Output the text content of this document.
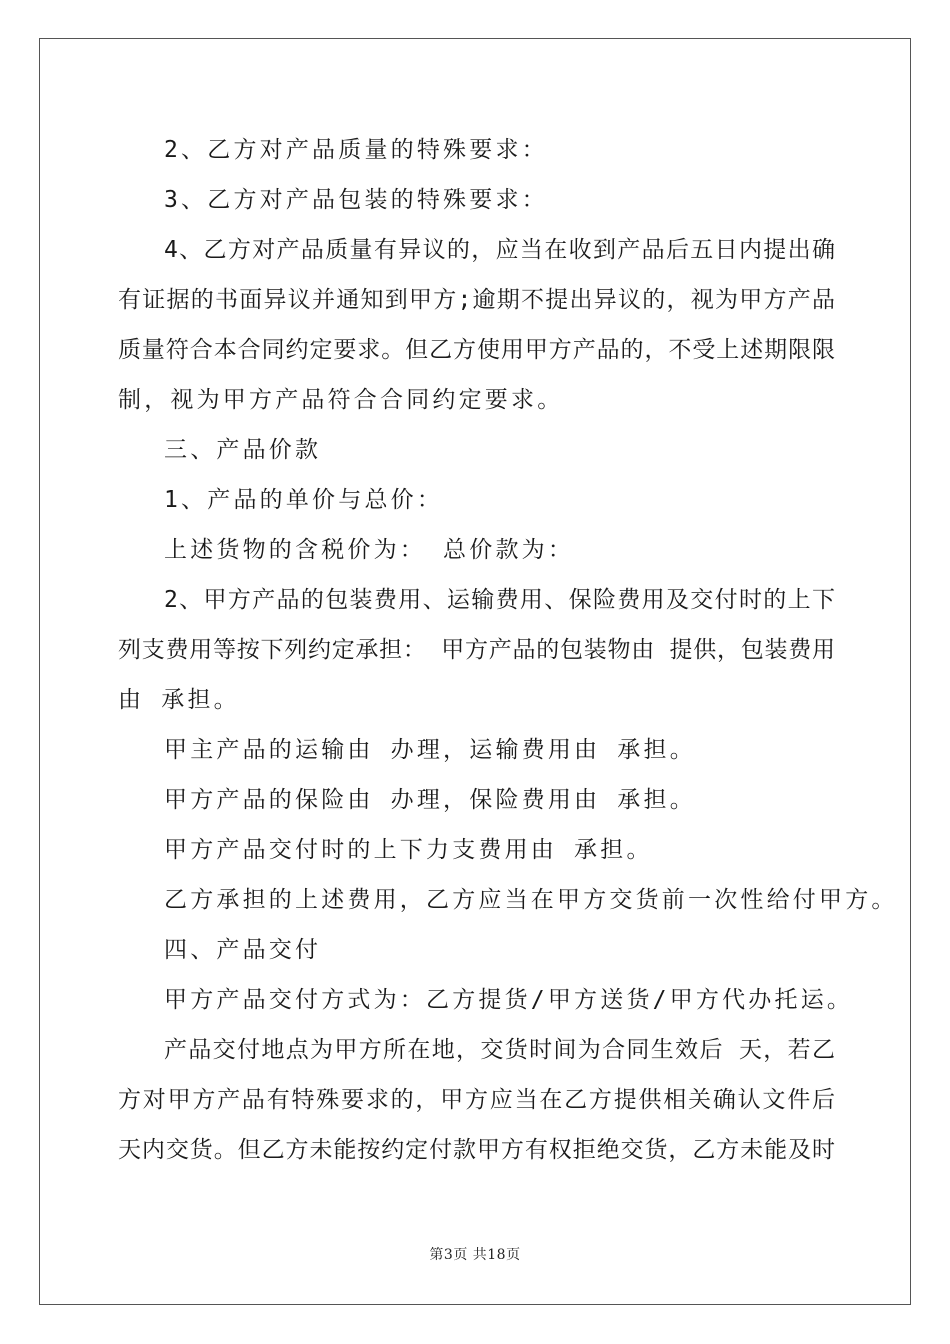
2、乙方对产品质量的特殊要求：
3、乙方对产品包装的特殊要求：
4、乙方对产品质量有异议的，应当在收到产品后五日内提出确
有证据的书面异议并通知到甲方;逾期不提出异议的，视为甲方产品
质量符合本合同约定要求。但乙方使用甲方产品的，不受上述期限限
制，视为甲方产品符合合同约定要求。
三、产品价款
1、产品的单价与总价：
上述货物的含税价为： 总价款为：
2、甲方产品的包装费用、运输费用、保险费用及交付时的上下
列支费用等按下列约定承担： 甲方产品的包装物由 提供，包装费用
由 承担。
甲主产品的运输由 办理，运输费用由 承担。
甲方产品的保险由 办理，保险费用由 承担。
甲方产品交付时的上下力支费用由 承担。
乙方承担的上述费用，乙方应当在甲方交货前一次性给付甲方。
四、产品交付
甲方产品交付方式为：乙方提货/甲方送货/甲方代办托运。
产品交付地点为甲方所在地，交货时间为合同生效后 天，若乙
方对甲方产品有特殊要求的，甲方应当在乙方提供相关确认文件后
天内交货。但乙方未能按约定付款甲方有权拒绝交货，乙方未能及时
第3页 共18页
